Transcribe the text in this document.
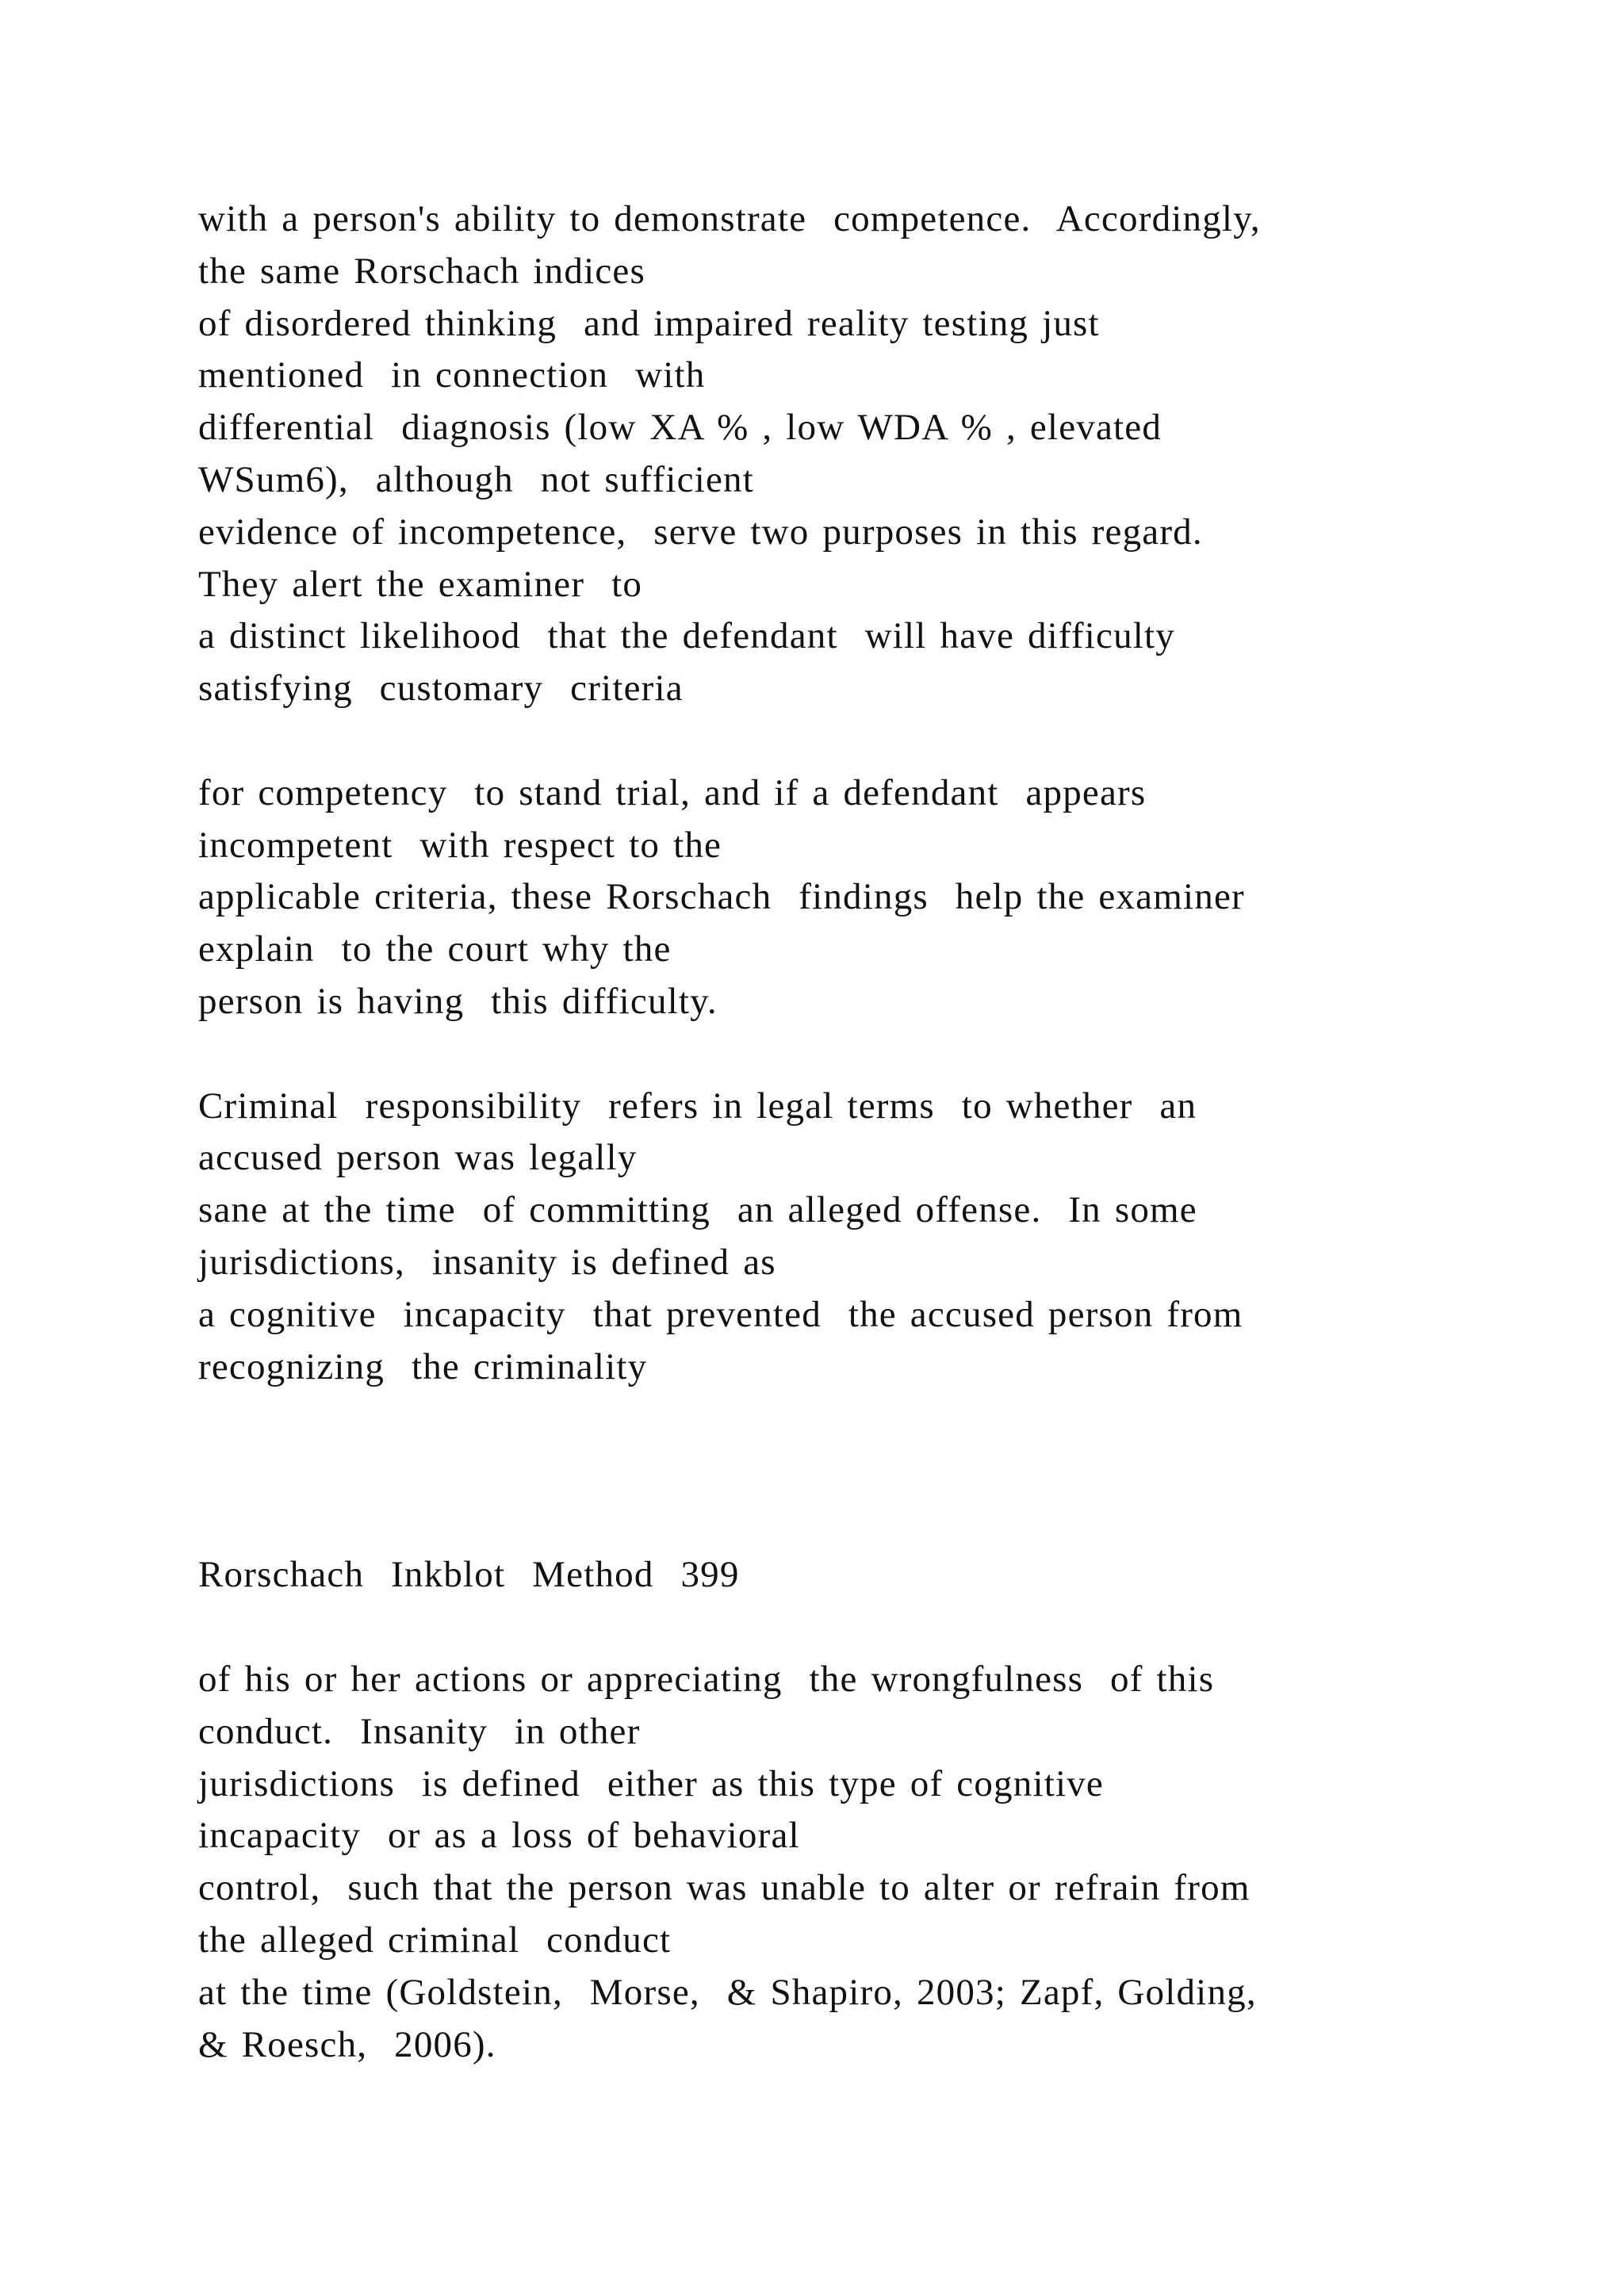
with a person's ability to demonstrate  competence.  Accordingly,
the same Rorschach indices
of disordered thinking  and impaired reality testing just
mentioned  in connection  with
differential  diagnosis (low XA % , low WDA % , elevated
WSum6),  although  not sufficient
evidence of incompetence,  serve two purposes in this regard.
They alert the examiner  to
a distinct likelihood  that the defendant  will have difficulty
satisfying  customary  criteria
for competency  to stand trial, and if a defendant  appears
incompetent  with respect to the
applicable criteria, these Rorschach  findings  help the examiner
explain  to the court why the
person is having  this difficulty.
Criminal  responsibility  refers in legal terms  to whether  an
accused person was legally
sane at the time  of committing  an alleged offense.  In some
jurisdictions,  insanity is defined as
a cognitive  incapacity  that prevented  the accused person from
recognizing  the criminality
Rorschach  Inkblot  Method  399
of his or her actions or appreciating  the wrongfulness  of this
conduct.  Insanity  in other
jurisdictions  is defined  either as this type of cognitive
incapacity  or as a loss of behavioral
control,  such that the person was unable to alter or refrain from
the alleged criminal  conduct
at the time (Goldstein,  Morse,  & Shapiro, 2003; Zapf, Golding,
& Roesch,  2006).
